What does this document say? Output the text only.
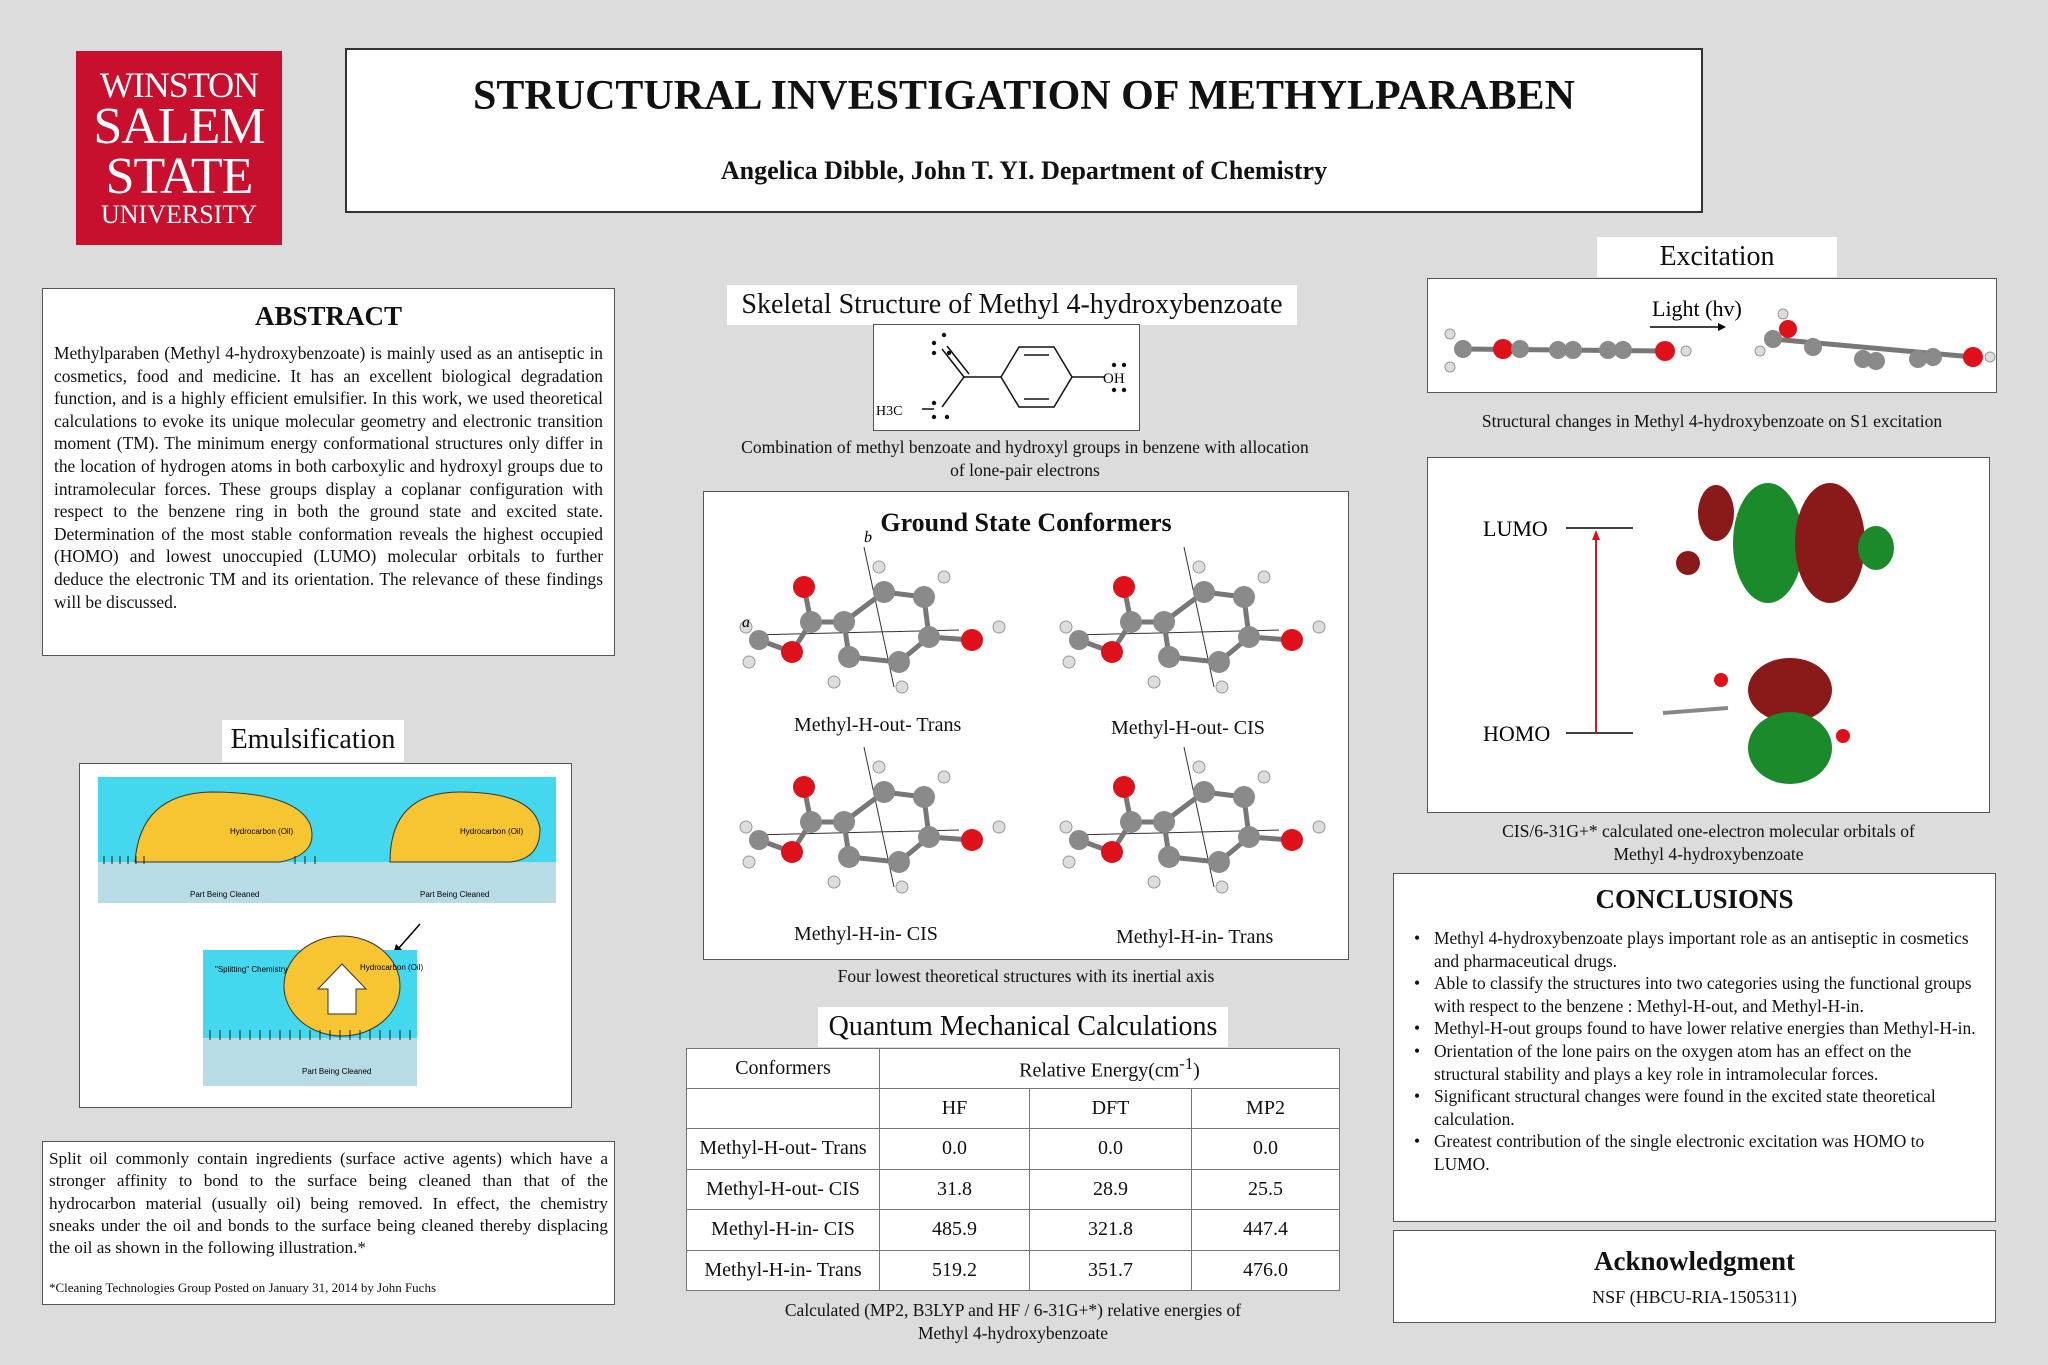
WINSTON
SALEM
STATE
UNIVERSITY
STRUCTURAL INVESTIGATION OF METHYLPARABEN
Angelica Dibble, John T. YI. Department of Chemistry
ABSTRACT

Methylparaben (Methyl 4-hydroxybenzoate) is mainly used as an antiseptic in cosmetics, food and medicine. It has an excellent biological degradation function, and is a highly efficient emulsifier. In this work, we used theoretical calculations to evoke its unique molecular geometry and electronic transition moment (TM). The minimum energy conformational structures only differ in the location of hydrogen atoms in both carboxylic and hydroxyl groups due to intramolecular forces. These groups display a coplanar configuration with respect to the benzene ring in both the ground state and excited state. Determination of the most stable conformation reveals the highest occupied (HOMO) and lowest unoccupied (LUMO) molecular orbitals to further deduce the electronic TM and its orientation. The relevance of these findings will be discussed.

Emulsification
Hydrocarbon (Oil)
Part Being Cleaned
Hydrocarbon (Oil)
Part Being Cleaned
Hydrocarbon (Oil)
Part Being Cleaned
"Splitting" Chemistry

Split oil commonly contain ingredients (surface active agents) which have a stronger affinity to bond to the surface being cleaned than that of the hydrocarbon material (usually oil) being removed. In effect, the chemistry sneaks under the oil and bonds to the surface being cleaned thereby displacing the oil as shown in the following illustration.*

*Cleaning Technologies Group Posted on January 31, 2014 by John Fuchs

Skeletal Structure of Methyl 4-hydroxybenzoate
OH
H3C
Combination of methyl benzoate and hydroxyl groups in benzene with allocation
of lone-pair electrons
Ground State Conformers
a
b
Methyl-H-out- Trans	Methyl-H-out- CIS
Methyl-H-in- CIS	Methyl-H-in- Trans
Four lowest theoretical structures with its inertial axis
Quantum Mechanical Calculations
Conformers	Relative $Energy(cm^{-1})$		
	HF	DFT	MP2
Methyl-H-out- Trans	0.0	0.0	0.0
Methyl-H-out- CIS	31.8	28.9	25.5
Methyl-H-in- CIS	485.9	321.8	447.4
Methyl-H-in- Trans	519.2	351.7	476.0
Calculated (MP2, B3LYP and HF / 6-31G+*) relative energies of
Methyl 4-hydroxybenzoate
Excitation
Light (hv)
Structural changes in Methyl 4-hydroxybenzoate on S1 excitation
LUMO
HOMO
CIS/6-31G+* calculated one-electron molecular orbitals of
Methyl 4-hydroxybenzoate
CONCLUSIONS
• Methyl 4-hydroxybenzoate plays important role as an antiseptic in cosmetics and pharmaceutical drugs.
• Able to classify the structures into two categories using the functional groups with respect to the benzene : Methyl-H-out, and Methyl-H-in.
• Methyl-H-out groups found to have lower relative energies than Methyl-H-in.
• Orientation of the lone pairs on the oxygen atom has an effect on the structural stability and plays a key role in intramolecular forces.
• Significant structural changes were found in the excited state theoretical calculation.
• Greatest contribution of the single electronic excitation was HOMO to LUMO.
Acknowledgment

NSF (HBCU-RIA-1505311)
